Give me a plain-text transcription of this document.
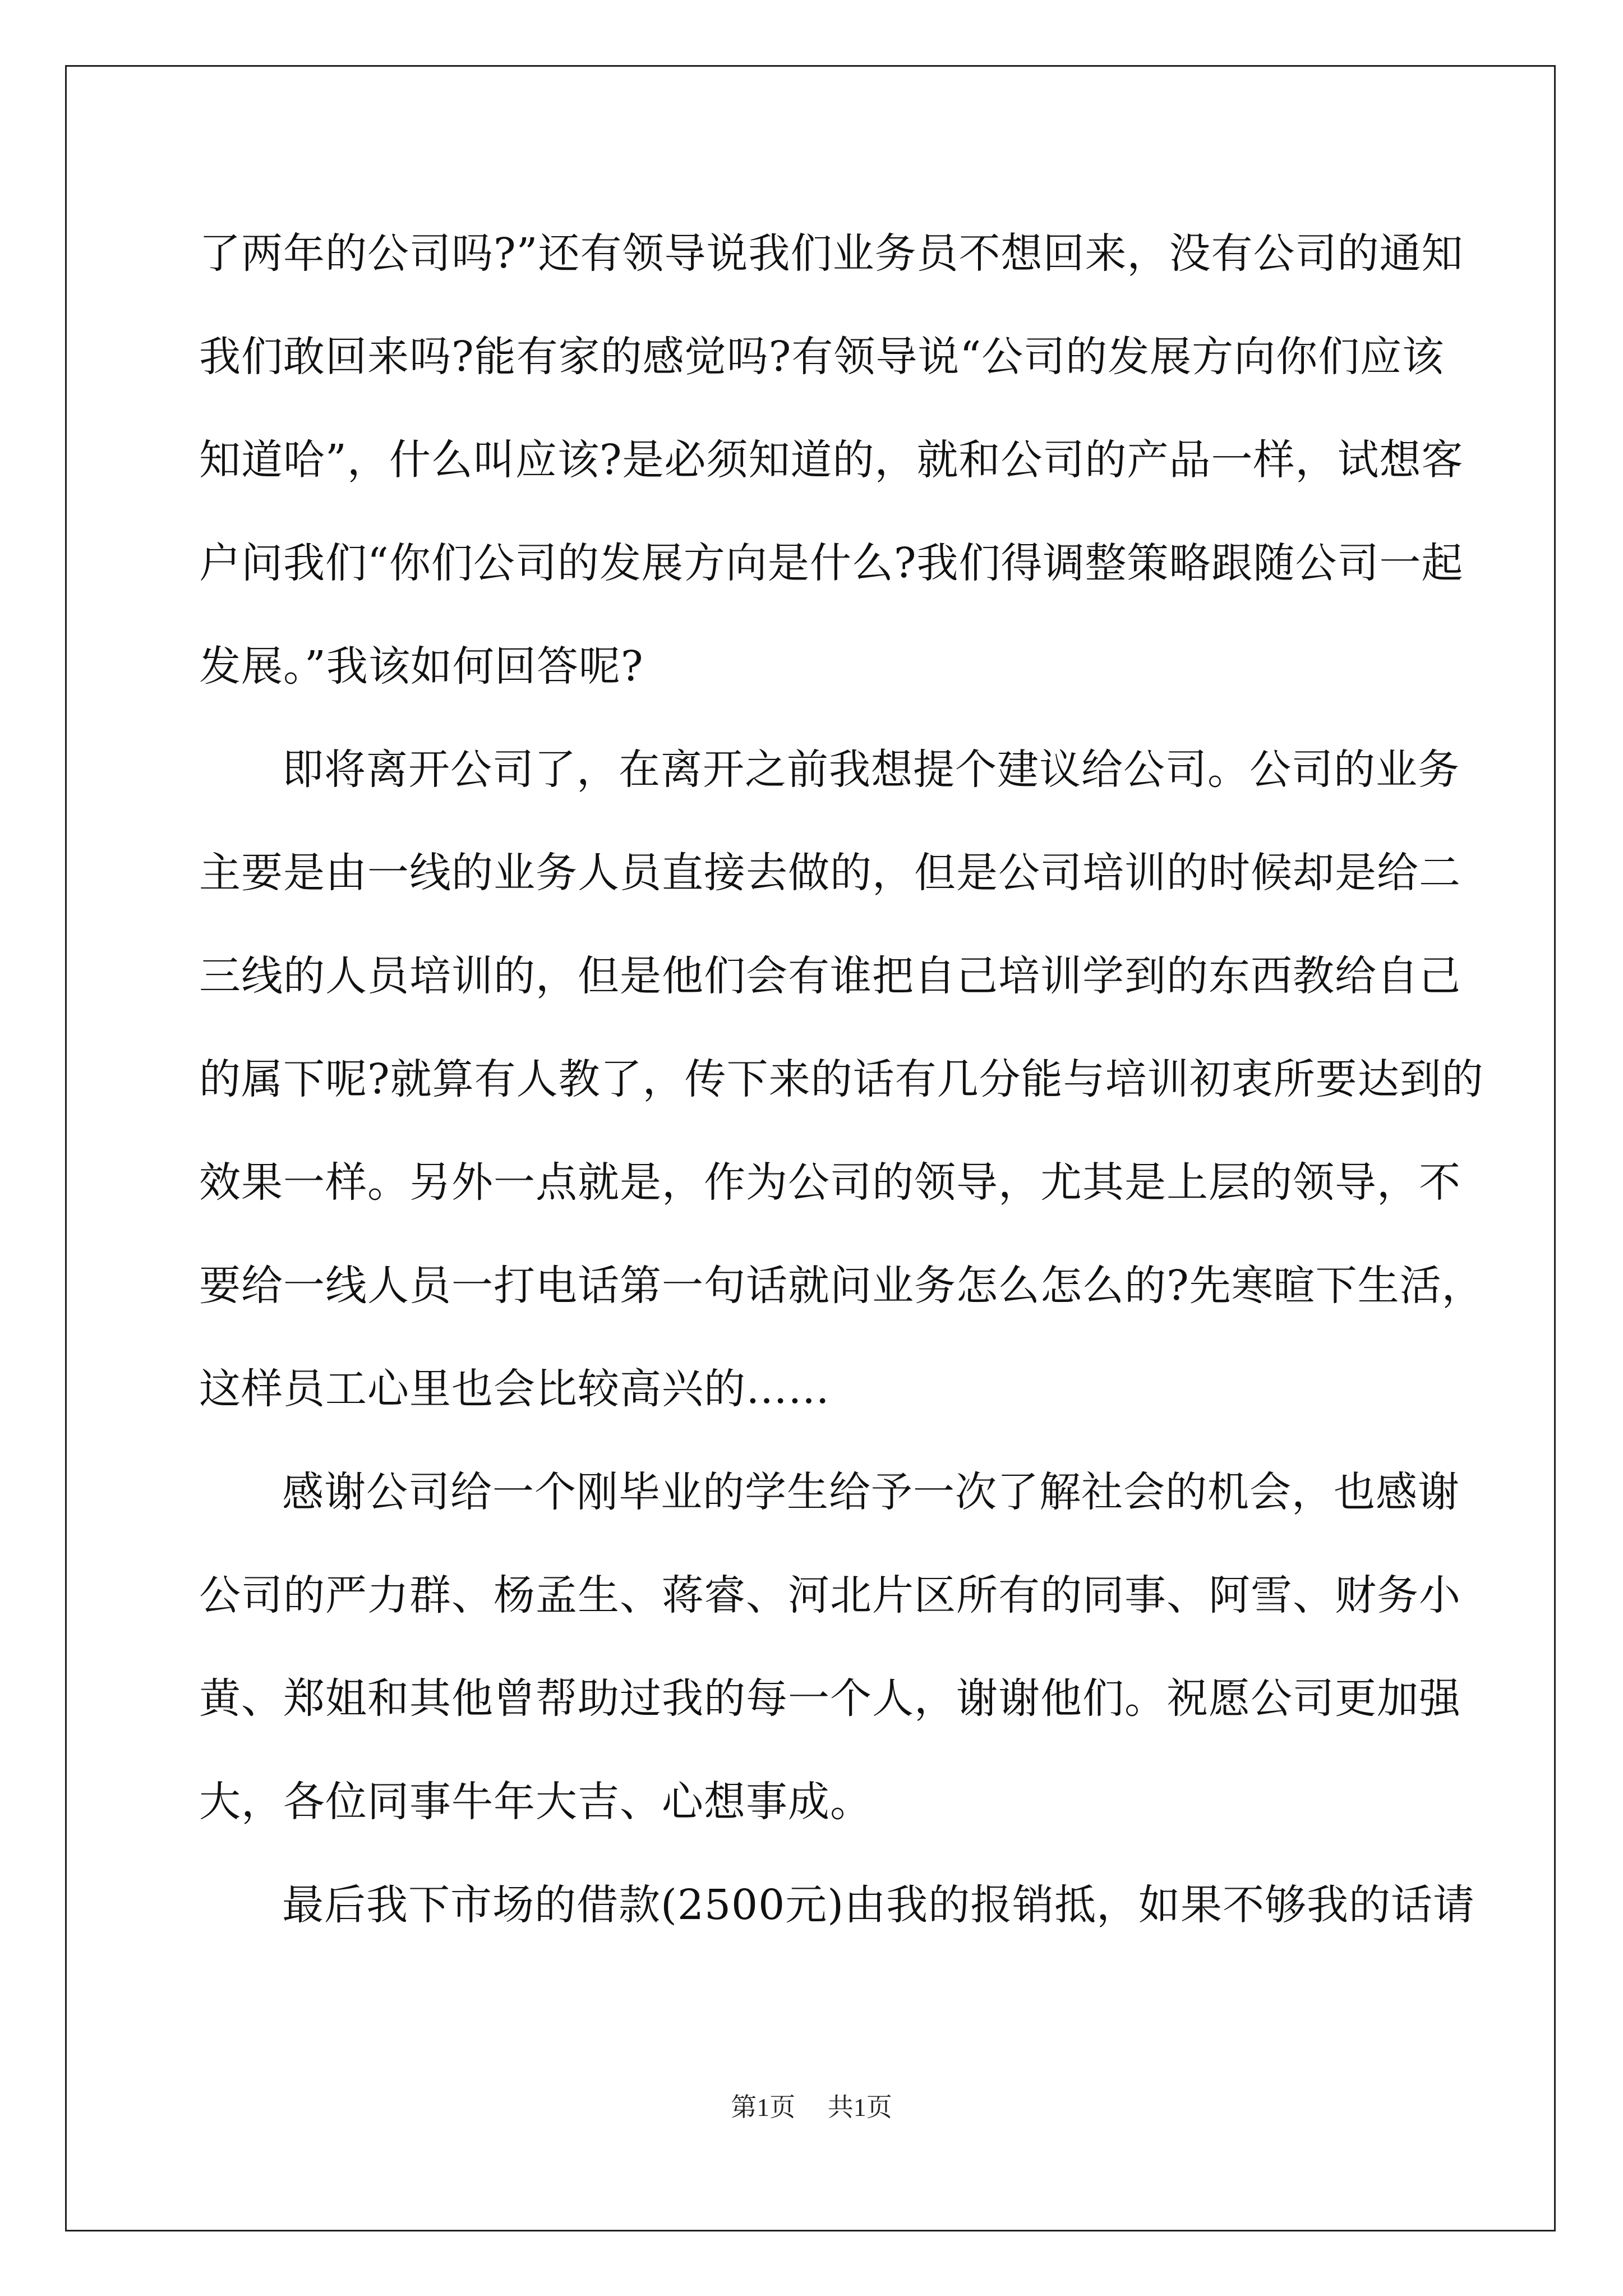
了两年的公司吗?”还有领导说我们业务员不想回来，没有公司的通知
我们敢回来吗?能有家的感觉吗?有领导说“公司的发展方向你们应该
知道哈”，什么叫应该?是必须知道的，就和公司的产品一样，试想客
户问我们“你们公司的发展方向是什么?我们得调整策略跟随公司一起
发展。”我该如何回答呢?
即将离开公司了，在离开之前我想提个建议给公司。公司的业务
主要是由一线的业务人员直接去做的，但是公司培训的时候却是给二
三线的人员培训的，但是他们会有谁把自己培训学到的东西教给自己
的属下呢?就算有人教了，传下来的话有几分能与培训初衷所要达到的
效果一样。另外一点就是，作为公司的领导，尤其是上层的领导，不
要给一线人员一打电话第一句话就问业务怎么怎么的?先寒暄下生活，
这样员工心里也会比较高兴的……
感谢公司给一个刚毕业的学生给予一次了解社会的机会，也感谢
公司的严力群、杨孟生、蒋睿、河北片区所有的同事、阿雪、财务小
黄、郑姐和其他曾帮助过我的每一个人，谢谢他们。祝愿公司更加强
大，各位同事牛年大吉、心想事成。
最后我下市场的借款(2500元)由我的报销抵，如果不够我的话请
第1页 共1页
